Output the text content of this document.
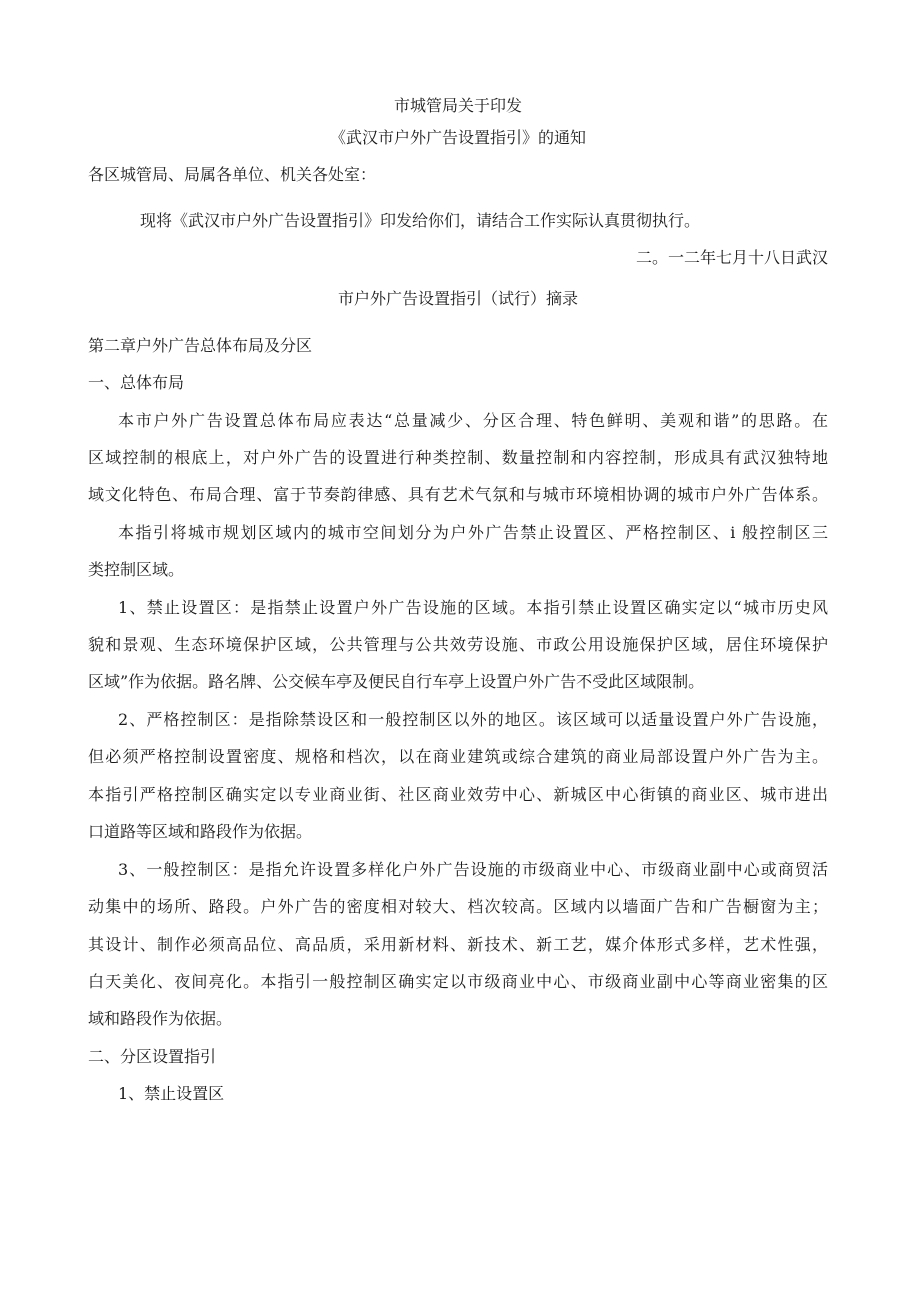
市城管局关于印发
《武汉市户外广告设置指引》的通知
各区城管局、局属各单位、机关各处室：
现将《武汉市户外广告设置指引》印发给你们，请结合工作实际认真贯彻执行。
二。一二年七月十八日武汉
市户外广告设置指引（试行）摘录
第二章户外广告总体布局及分区
一、总体布局
本市户外广告设置总体布局应表达“总量减少、分区合理、特色鲜明、美观和谐”的思路。在
区域控制的根底上，对户外广告的设置进行种类控制、数量控制和内容控制，形成具有武汉独特地
域文化特色、布局合理、富于节奏韵律感、具有艺术气氛和与城市环境相协调的城市户外广告体系。
本指引将城市规划区域内的城市空间划分为户外广告禁止设置区、严格控制区、i 般控制区三
类控制区域。
1、禁止设置区：是指禁止设置户外广告设施的区域。本指引禁止设置区确实定以“城市历史风
貌和景观、生态环境保护区域，公共管理与公共效劳设施、市政公用设施保护区域，居住环境保护
区域”作为依据。路名牌、公交候车亭及便民自行车亭上设置户外广告不受此区域限制。
2、严格控制区：是指除禁设区和一般控制区以外的地区。该区域可以适量设置户外广告设施，
但必须严格控制设置密度、规格和档次，以在商业建筑或综合建筑的商业局部设置户外广告为主。
本指引严格控制区确实定以专业商业街、社区商业效劳中心、新城区中心街镇的商业区、城市进出
口道路等区域和路段作为依据。
3、一般控制区：是指允许设置多样化户外广告设施的市级商业中心、市级商业副中心或商贸活
动集中的场所、路段。户外广告的密度相对较大、档次较高。区域内以墙面广告和广告橱窗为主；
其设计、制作必须高品位、高品质，采用新材料、新技术、新工艺，媒介体形式多样，艺术性强，
白天美化、夜间亮化。本指引一般控制区确实定以市级商业中心、市级商业副中心等商业密集的区
域和路段作为依据。
二、分区设置指引
1、禁止设置区
